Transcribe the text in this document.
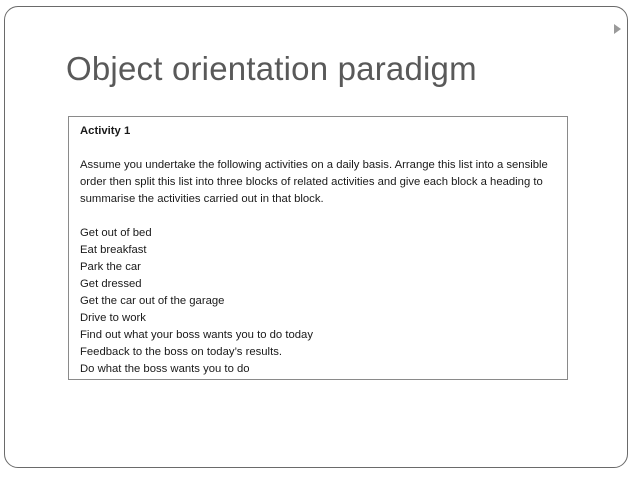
Object orientation paradigm
Activity 1
Assume you undertake the following activities on a daily basis. Arrange this list into a sensible order then split this list into three blocks of related activities and give each block a heading to summarise the activities carried out in that block.
Get out of bed
Eat breakfast
Park the car
Get dressed
Get the car out of the garage
Drive to work
Find out what your boss wants you to do today
Feedback to the boss on today’s results.
Do what the boss wants you to do
